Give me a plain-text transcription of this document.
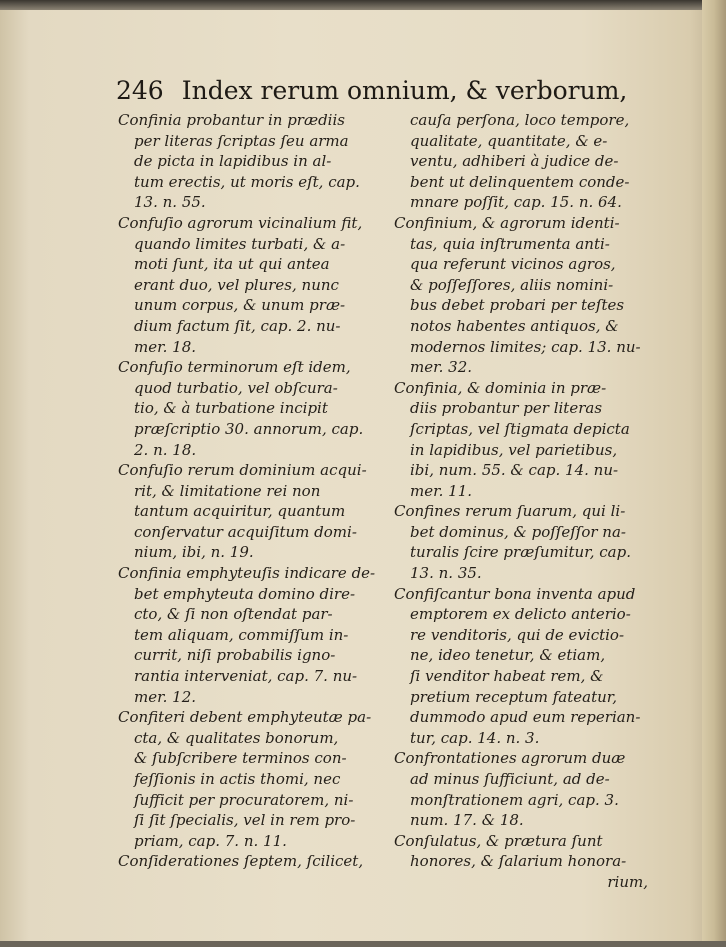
246 Index rerum omnium, & verborum,
Confinia probantur in prædiis
per literas ſcriptas ſeu arma
de picta in lapidibus in al-
tum erectis, ut moris eſt, cap.
13. n. 55.
Confuſio agrorum vicinalium fit,
quando limites turbati, & a-
moti ſunt, ita ut qui antea
erant duo, vel plures, nunc
unum corpus, & unum præ-
dium factum ſit, cap. 2. nu-
mer. 18.
Confuſio terminorum eſt idem,
quod turbatio, vel obſcura-
tio, & à turbatione incipit
præſcriptio 30. annorum, cap.
2. n. 18.
Confuſio rerum dominium acqui-
rit, & limitatione rei non
tantum acquiritur, quantum
conſervatur acquiſitum domi-
nium, ibi, n. 19.
Confinia emphyteuſis indicare de-
bet emphyteuta domino dire-
cto, & ſi non oſtendat par-
tem aliquam, commiſſum in-
currit, niſi probabilis igno-
rantia interveniat, cap. 7. nu-
mer. 12.
Confiteri debent emphyteutæ pa-
cta, & qualitates bonorum,
& ſubſcribere terminos con-
feſſionis in actis thomi, nec
ſufficit per procuratorem, ni-
ſi ſit ſpecialis, vel in rem pro-
priam, cap. 7. n. 11.
Conſiderationes ſeptem, ſcilicet,
cauſa perſona, loco tempore,
qualitate, quantitate, & e-
ventu, adhiberi à judice de-
bent ut delinquentem conde-
mnare poſſit, cap. 15. n. 64.
Confinium, & agrorum identi-
tas, quia inſtrumenta anti-
qua referunt vicinos agros,
& poſſeſſores, aliis nomini-
bus debet probari per teſtes
notos habentes antiquos, &
modernos limites; cap. 13. nu-
mer. 32.
Confinia, & dominia in præ-
diis probantur per literas
ſcriptas, vel ſtigmata depicta
in lapidibus, vel parietibus,
ibi, num. 55. & cap. 14. nu-
mer. 11.
Confines rerum ſuarum, qui li-
bet dominus, & poſſeſſor na-
turalis ſcire præſumitur, cap.
13. n. 35.
Confiſcantur bona inventa apud
emptorem ex delicto anterio-
re venditoris, qui de evictio-
ne, ideo tenetur, & etiam,
ſi venditor habeat rem, &
pretium receptum fateatur,
dummodo apud eum reperian-
tur, cap. 14. n. 3.
Confrontationes agrorum duæ
ad minus ſufficiunt, ad de-
monſtrationem agri, cap. 3.
num. 17. & 18.
Conſulatus, & prætura ſunt
honores, & ſalarium honora-
rium,
